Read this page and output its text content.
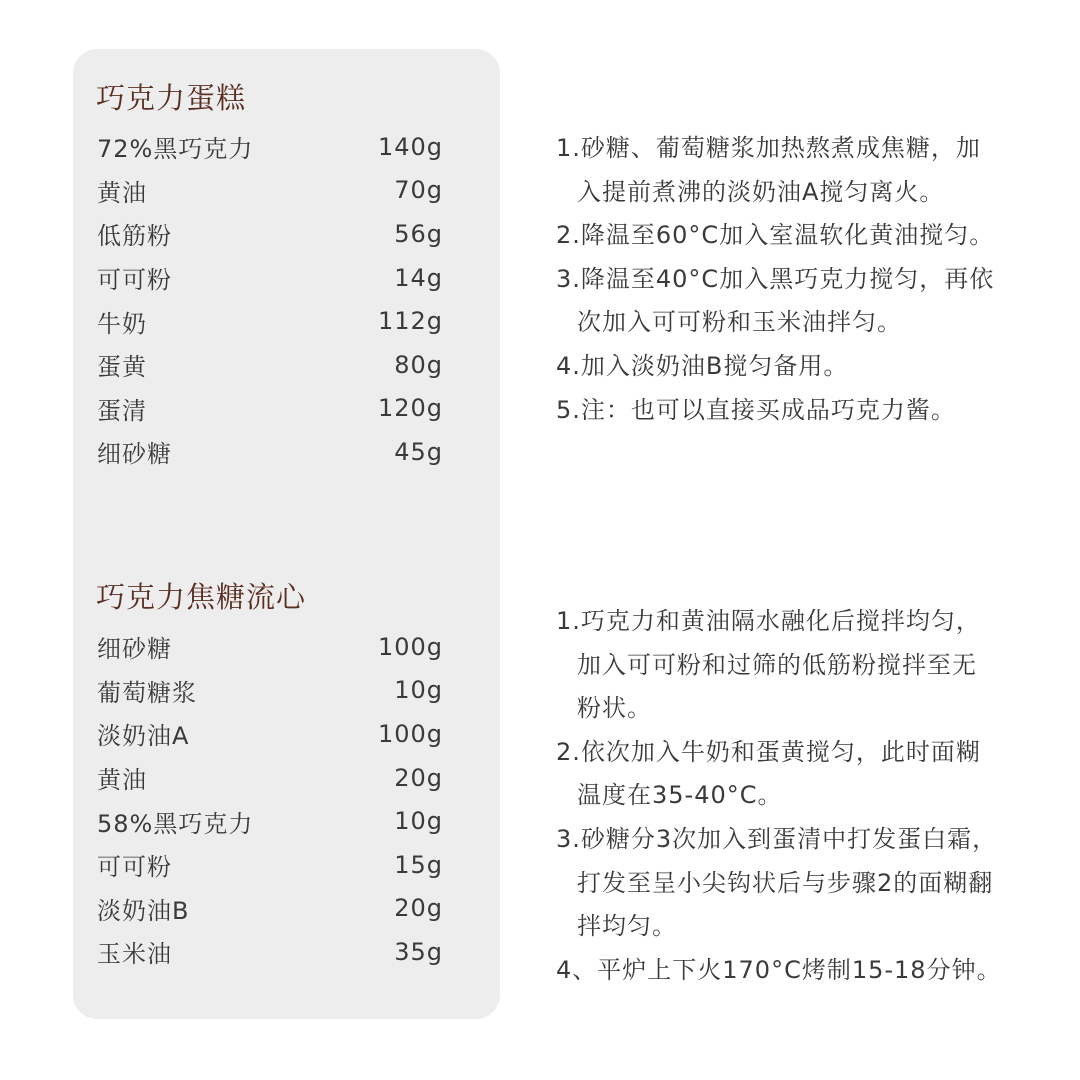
巧克力蛋糕
72%黑巧克力	140g
黄油	70g
低筋粉	56g
可可粉	14g
牛奶	112g
蛋黄	80g
蛋清	120g
细砂糖	45g
1.砂糖、葡萄糖浆加热熬煮成焦糖，加
入提前煮沸的淡奶油A搅匀离火。
2.降温至60°C加入室温软化黄油搅匀。
3.降温至40°C加入黑巧克力搅匀，再依
次加入可可粉和玉米油拌匀。
4.加入淡奶油B搅匀备用。
5.注：也可以直接买成品巧克力酱。
巧克力焦糖流心
细砂糖	100g
葡萄糖浆	10g
淡奶油A	100g
黄油	20g
58%黑巧克力	10g
可可粉	15g
淡奶油B	20g
玉米油	35g
1.巧克力和黄油隔水融化后搅拌均匀，
加入可可粉和过筛的低筋粉搅拌至无
粉状。
2.依次加入牛奶和蛋黄搅匀，此时面糊
温度在35-40°C。
3.砂糖分3次加入到蛋清中打发蛋白霜，
打发至呈小尖钩状后与步骤2的面糊翻
拌均匀。
4、平炉上下火170°C烤制15-18分钟。
